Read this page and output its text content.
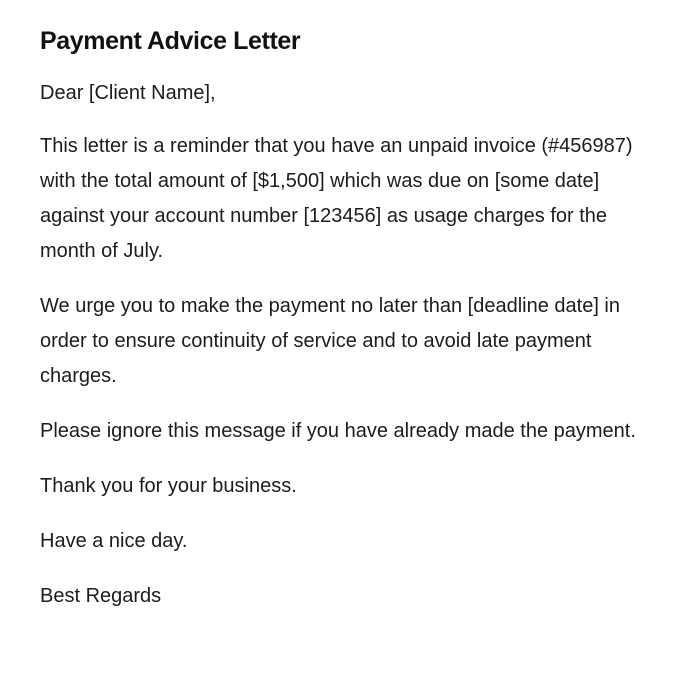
Payment Advice Letter

Dear [Client Name],

This letter is a reminder that you have an unpaid invoice (#456987) with the total amount of [$1,500] which was due on [some date] against your account number [123456] as usage charges for the month of July.

We urge you to make the payment no later than [deadline date] in order to ensure continuity of service and to avoid late payment charges.

Please ignore this message if you have already made the payment.

Thank you for your business.

Have a nice day.

Best Regards
